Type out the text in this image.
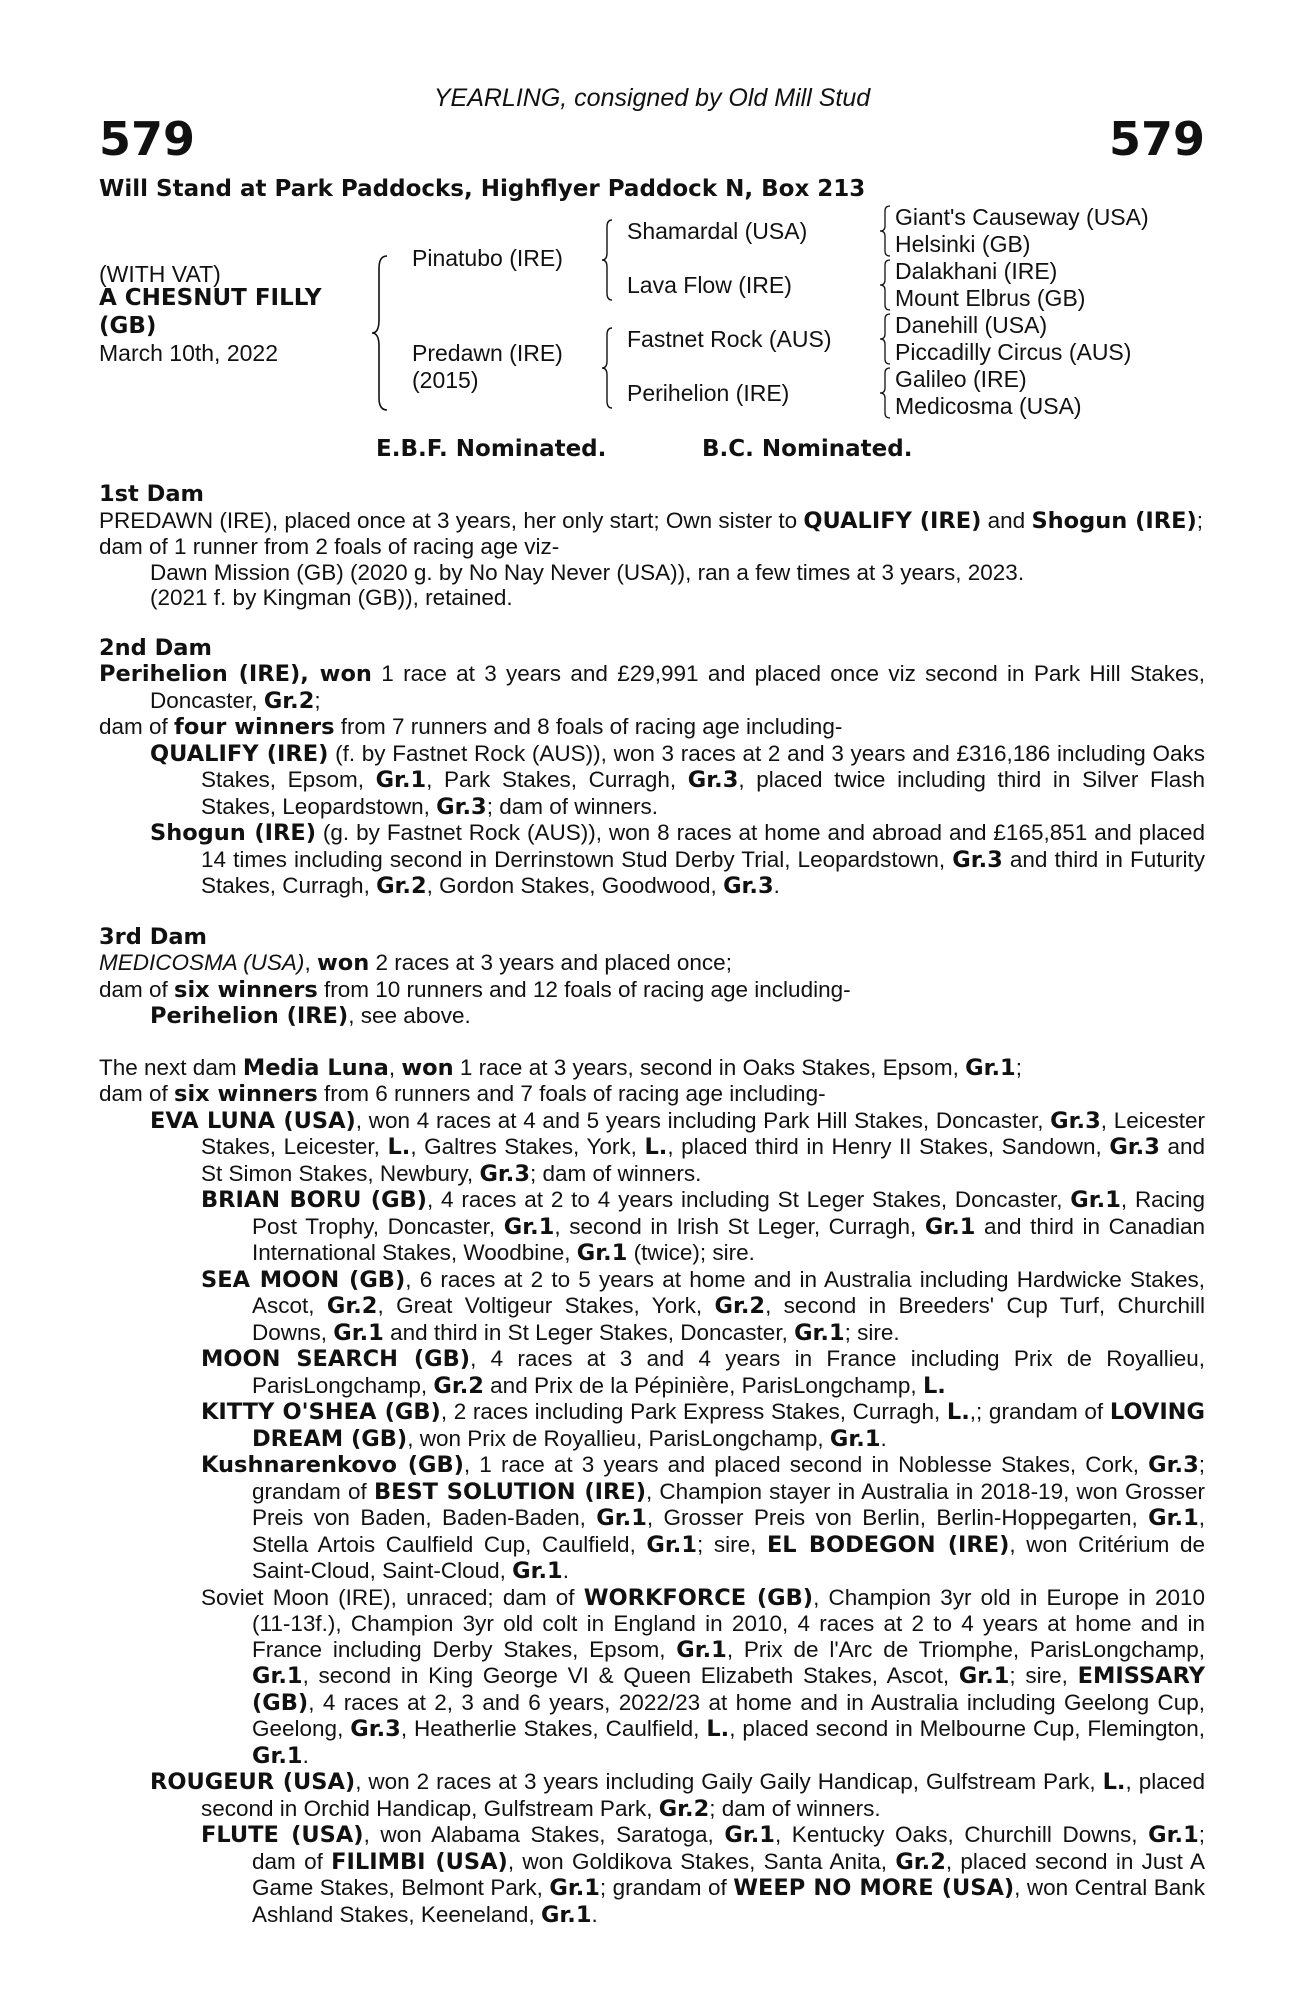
YEARLING, consigned by Old Mill Stud
579	579
Will Stand at Park Paddocks, Highflyer Paddock N, Box 213
(WITH VAT)
A CHESNUT FILLY
(GB)
March 10th, 2022
Pinatubo (IRE)
Predawn (IRE)
(2015)
Shamardal (USA)
Lava Flow (IRE)
Fastnet Rock (AUS)
Perihelion (IRE)
Giant's Causeway (USA)
Helsinki (GB)
Dalakhani (IRE)
Mount Elbrus (GB)
Danehill (USA)
Piccadilly Circus (AUS)
Galileo (IRE)
Medicosma (USA)
E.B.F. Nominated.	B.C. Nominated.
1st Dam
PREDAWN (IRE), placed once at 3 years, her only start; Own sister to QUALIFY (IRE) and Shogun (IRE);
dam of 1 runner from 2 foals of racing age viz-
Dawn Mission (GB) (2020 g. by No Nay Never (USA)), ran a few times at 3 years, 2023.
(2021 f. by Kingman (GB)), retained.
2nd Dam
Perihelion (IRE), won 1 race at 3 years and £29,991 and placed once viz second in Park Hill Stakes, Doncaster, Gr.2;
dam of four winners from 7 runners and 8 foals of racing age including-
QUALIFY (IRE) (f. by Fastnet Rock (AUS)), won 3 races at 2 and 3 years and £316,186 including Oaks Stakes, Epsom, Gr.1, Park Stakes, Curragh, Gr.3, placed twice including third in Silver Flash Stakes, Leopardstown, Gr.3; dam of winners.
Shogun (IRE) (g. by Fastnet Rock (AUS)), won 8 races at home and abroad and £165,851 and placed 14 times including second in Derrinstown Stud Derby Trial, Leopardstown, Gr.3 and third in Futurity Stakes, Curragh, Gr.2, Gordon Stakes, Goodwood, Gr.3.
3rd Dam
MEDICOSMA (USA), won 2 races at 3 years and placed once;
dam of six winners from 10 runners and 12 foals of racing age including-
Perihelion (IRE), see above.
The next dam Media Luna, won 1 race at 3 years, second in Oaks Stakes, Epsom, Gr.1;
dam of six winners from 6 runners and 7 foals of racing age including-
EVA LUNA (USA), won 4 races at 4 and 5 years including Park Hill Stakes, Doncaster, Gr.3, Leicester Stakes, Leicester, L., Galtres Stakes, York, L., placed third in Henry II Stakes, Sandown, Gr.3 and St Simon Stakes, Newbury, Gr.3; dam of winners.
BRIAN BORU (GB), 4 races at 2 to 4 years including St Leger Stakes, Doncaster, Gr.1, Racing Post Trophy, Doncaster, Gr.1, second in Irish St Leger, Curragh, Gr.1 and third in Canadian International Stakes, Woodbine, Gr.1 (twice); sire.
SEA MOON (GB), 6 races at 2 to 5 years at home and in Australia including Hardwicke Stakes, Ascot, Gr.2, Great Voltigeur Stakes, York, Gr.2, second in Breeders' Cup Turf, Churchill Downs, Gr.1 and third in St Leger Stakes, Doncaster, Gr.1; sire.
MOON SEARCH (GB), 4 races at 3 and 4 years in France including Prix de Royallieu, ParisLongchamp, Gr.2 and Prix de la Pépinière, ParisLongchamp, L.
KITTY O'SHEA (GB), 2 races including Park Express Stakes, Curragh, L.,; grandam of LOVING DREAM (GB), won Prix de Royallieu, ParisLongchamp, Gr.1.
Kushnarenkovo (GB), 1 race at 3 years and placed second in Noblesse Stakes, Cork, Gr.3; grandam of BEST SOLUTION (IRE), Champion stayer in Australia in 2018-19, won Grosser Preis von Baden, Baden-Baden, Gr.1, Grosser Preis von Berlin, Berlin-Hoppegarten, Gr.1, Stella Artois Caulfield Cup, Caulfield, Gr.1; sire, EL BODEGON (IRE), won Critérium de Saint-Cloud, Saint-Cloud, Gr.1.
Soviet Moon (IRE), unraced; dam of WORKFORCE (GB), Champion 3yr old in Europe in 2010 (11-13f.), Champion 3yr old colt in England in 2010, 4 races at 2 to 4 years at home and in France including Derby Stakes, Epsom, Gr.1, Prix de l'Arc de Triomphe, ParisLongchamp, Gr.1, second in King George VI & Queen Elizabeth Stakes, Ascot, Gr.1; sire, EMISSARY (GB), 4 races at 2, 3 and 6 years, 2022/23 at home and in Australia including Geelong Cup, Geelong, Gr.3, Heatherlie Stakes, Caulfield, L., placed second in Melbourne Cup, Flemington, Gr.1.
ROUGEUR (USA), won 2 races at 3 years including Gaily Gaily Handicap, Gulfstream Park, L., placed second in Orchid Handicap, Gulfstream Park, Gr.2; dam of winners.
FLUTE (USA), won Alabama Stakes, Saratoga, Gr.1, Kentucky Oaks, Churchill Downs, Gr.1; dam of FILIMBI (USA), won Goldikova Stakes, Santa Anita, Gr.2, placed second in Just A Game Stakes, Belmont Park, Gr.1; grandam of WEEP NO MORE (USA), won Central Bank Ashland Stakes, Keeneland, Gr.1.
